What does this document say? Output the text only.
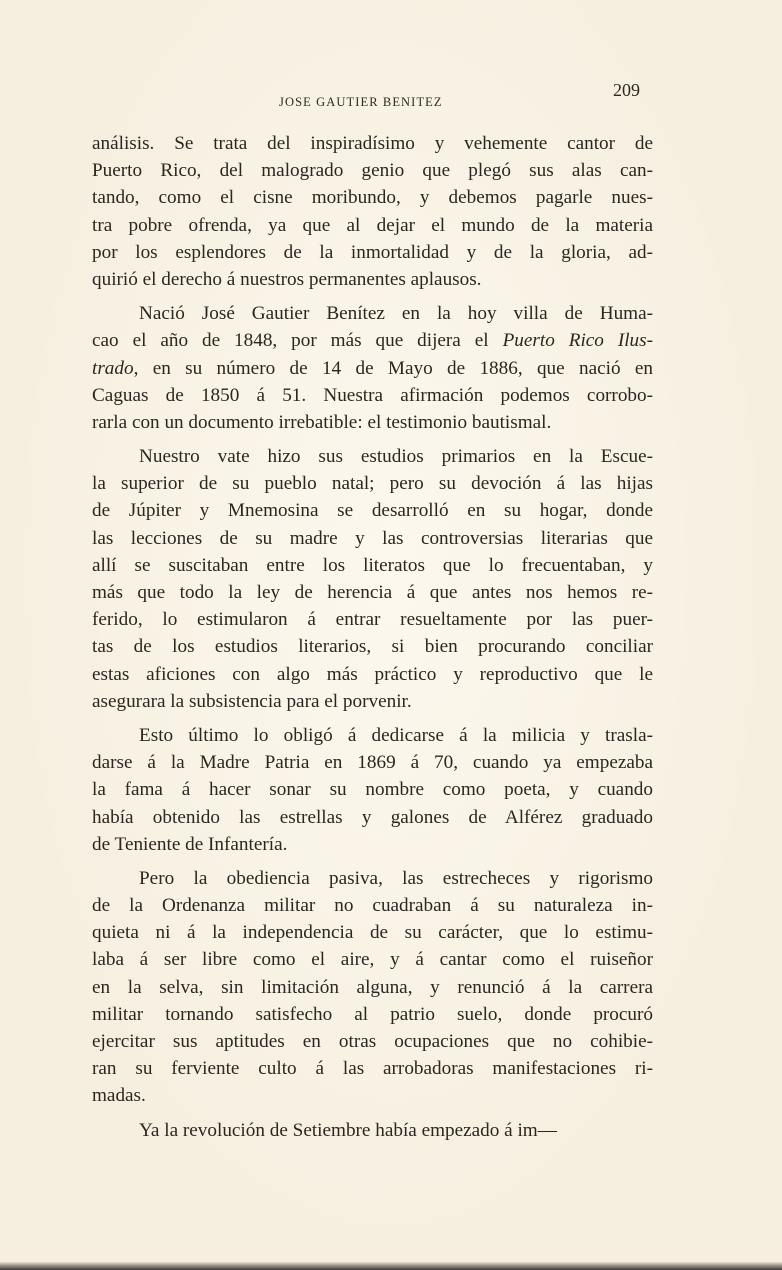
JOSE GAUTIER BENITEZ
209
análisis. Se trata del inspiradísimo y vehemente cantor de
Puerto Rico, del malogrado genio que plegó sus alas can-
tando, como el cisne moribundo, y debemos pagarle nues-
tra pobre ofrenda, ya que al dejar el mundo de la materia
por los esplendores de la inmortalidad y de la gloria, ad-
quirió el derecho á nuestros permanentes aplausos.
Nació José Gautier Benítez en la hoy villa de Huma-
cao el año de 1848, por más que dijera el Puerto Rico Ilus-
trado, en su número de 14 de Mayo de 1886, que nació en
Caguas de 1850 á 51. Nuestra afirmación podemos corrobo-
rarla con un documento irrebatible: el testimonio bautismal.
Nuestro vate hizo sus estudios primarios en la Escue-
la superior de su pueblo natal; pero su devoción á las hijas
de Júpiter y Mnemosina se desarrolló en su hogar, donde
las lecciones de su madre y las controversias literarias que
allí se suscitaban entre los literatos que lo frecuentaban, y
más que todo la ley de herencia á que antes nos hemos re-
ferido, lo estimularon á entrar resueltamente por las puer-
tas de los estudios literarios, si bien procurando conciliar
estas aficiones con algo más práctico y reproductivo que le
asegurara la subsistencia para el porvenir.
Esto último lo obligó á dedicarse á la milicia y trasla-
darse á la Madre Patria en 1869 á 70, cuando ya empezaba
la fama á hacer sonar su nombre como poeta, y cuando
había obtenido las estrellas y galones de Alférez graduado
de Teniente de Infantería.
Pero la obediencia pasiva, las estrecheces y rigorismo
de la Ordenanza militar no cuadraban á su naturaleza in-
quieta ni á la independencia de su carácter, que lo estimu-
laba á ser libre como el aire, y á cantar como el ruiseñor
en la selva, sin limitación alguna, y renunció á la carrera
militar tornando satisfecho al patrio suelo, donde procuró
ejercitar sus aptitudes en otras ocupaciones que no cohibie-
ran su ferviente culto á las arrobadoras manifestaciones ri-
madas.
Ya la revolución de Setiembre había empezado á im—
